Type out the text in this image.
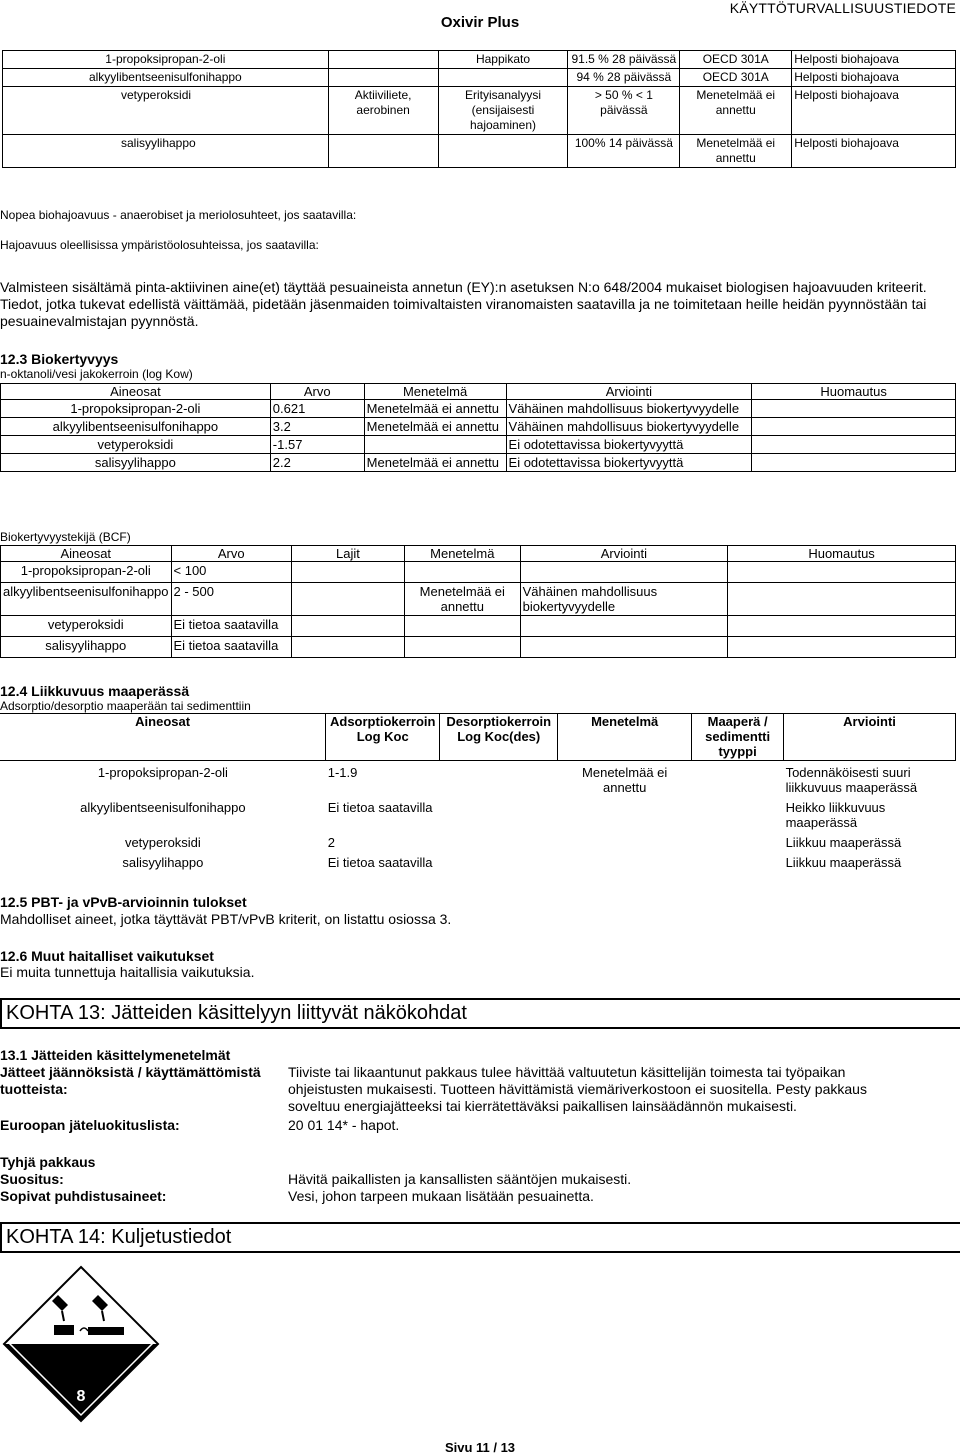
Oxivir Plus
KÄYTTÖTURVALLISUUSTIEDOTE
1-propoksipropan-2-oli		Happikato	91.5 % 28 päivässä	OECD 301A	Helposti biohajoava
alkyylibentseenisulfonihappo			94 % 28 päivässä	OECD 301A	Helposti biohajoava
vetyperoksidi	Aktiiviliete, aerobinen	Erityisanalyysi (ensijaisesti hajoaminen)	> 50 % < 1 päivässä	Menetelmää ei annettu	Helposti biohajoava
salisyylihappo			100% 14 päivässä	Menetelmää ei annettu	Helposti biohajoava
Nopea biohajoavuus - anaerobiset ja meriolosuhteet, jos saatavilla:
Hajoavuus oleellisissa ympäristöolosuhteissa, jos saatavilla:
Valmisteen sisältämä pinta-aktiivinen aine(et) täyttää pesuaineista annetun (EY):n asetuksen N:o 648/2004 mukaiset biologisen hajoavuuden kriteerit. Tiedot, jotka tukevat edellistä väittämää, pidetään jäsenmaiden toimivaltaisten viranomaisten saatavilla ja ne toimitetaan heille heidän pyynnöstään tai pesuainevalmistajan pyynnöstä.
12.3 Biokertyvyys
n-oktanoli/vesi jakokerroin (log Kow)
Aineosat	Arvo	Menetelmä	Arviointi	Huomautus
1-propoksipropan-2-oli	0.621	Menetelmää ei annettu	Vähäinen mahdollisuus biokertyvyydelle	
alkyylibentseenisulfonihappo	3.2	Menetelmää ei annettu	Vähäinen mahdollisuus biokertyvyydelle	
vetyperoksidi	-1.57		Ei odotettavissa biokertyvyyttä	
salisyylihappo	2.2	Menetelmää ei annettu	Ei odotettavissa biokertyvyyttä	
Biokertyvyystekijä (BCF)
Aineosat	Arvo	Lajit	Menetelmä	Arviointi	Huomautus
1-propoksipropan-2-oli	< 100				
alkyylibentseenisulfonihappo	2 - 500		Menetelmää ei annettu	Vähäinen mahdollisuus biokertyvyydelle	
vetyperoksidi	Ei tietoa saatavilla				
salisyylihappo	Ei tietoa saatavilla				
12.4 Liikkuvuus maaperässä
Adsorptio/desorptio maaperään tai sedimenttiin
Aineosat	Adsorptiokerroin Log Koc	Desorptiokerroin Log Koc(des)	Menetelmä	Maaperä / sedimentti tyyppi	Arviointi
1-propoksipropan-2-oli	1-1.9		Menetelmää ei annettu		Todennäköisesti suuri liikkuvuus maaperässä
alkyylibentseenisulfonihappo	Ei tietoa saatavilla				Heikko liikkuvuus maaperässä
vetyperoksidi	2				Liikkuu maaperässä
salisyylihappo	Ei tietoa saatavilla				Liikkuu maaperässä
12.5 PBT- ja vPvB-arvioinnin tulokset
Mahdolliset aineet, jotka täyttävät PBT/vPvB kriterit, on listattu osiossa 3.
12.6 Muut haitalliset vaikutukset
Ei muita tunnettuja haitallisia vaikutuksia.
KOHTA 13: Jätteiden käsittelyyn liittyvät näkökohdat
13.1 Jätteiden käsittelymenetelmät
Jätteet jäännöksistä / käyttämättömistä tuotteista:
Tiiviste tai likaantunut pakkaus tulee hävittää valtuutetun käsittelijän toimesta tai työpaikan ohjeistusten mukaisesti. Tuotteen hävittämistä viemäriverkostoon ei suositella. Pesty pakkaus soveltuu energiajätteeksi tai kierrätettäväksi paikallisen lainsäädännön mukaisesti.
Euroopan jäteluokituslista:	20 01 14* - hapot.
Tyhjä pakkaus
Suositus:	Hävitä paikallisten ja kansallisten sääntöjen mukaisesti.
Sopivat puhdistusaineet:	Vesi, johon tarpeen mukaan lisätään pesuainetta.
KOHTA 14: Kuljetustiedot
8
Sivu 11 / 13
